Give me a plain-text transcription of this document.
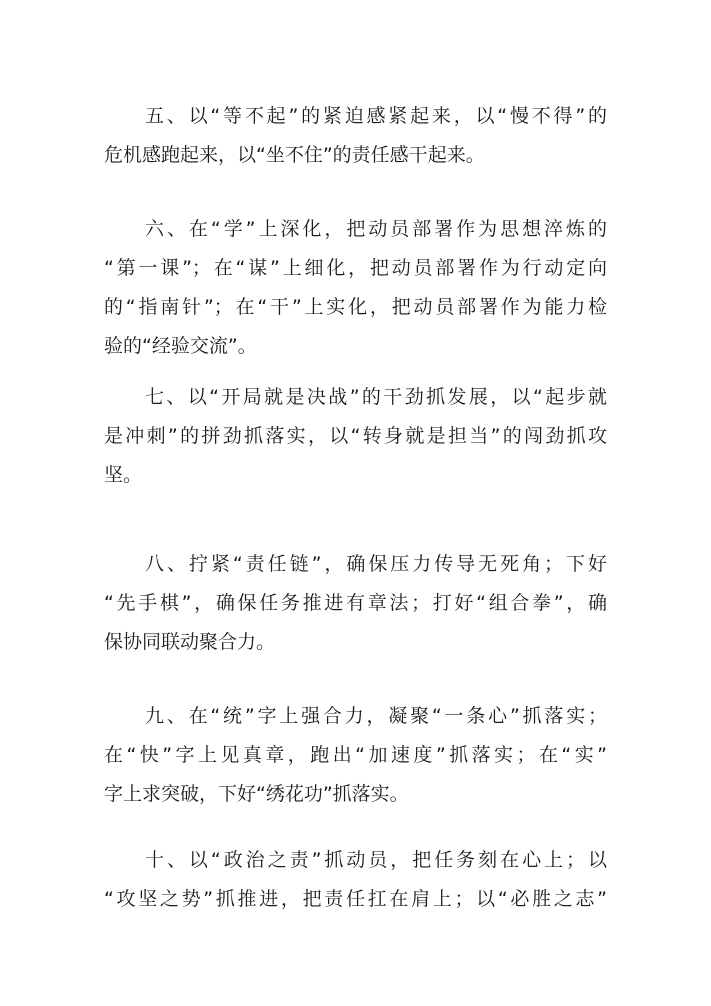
五、以“等不起”的紧迫感紧起来，以“慢不得”的
危机感跑起来，以“坐不住”的责任感干起来。
六、在“学”上深化，把动员部署作为思想淬炼的
“第一课”；在“谋”上细化，把动员部署作为行动定向
的“指南针”；在“干”上实化，把动员部署作为能力检
验的“经验交流”。
七、以“开局就是决战”的干劲抓发展，以“起步就
是冲刺”的拼劲抓落实，以“转身就是担当”的闯劲抓攻
坚。
八、拧紧“责任链”，确保压力传导无死角；下好
“先手棋”，确保任务推进有章法；打好“组合拳”，确
保协同联动聚合力。
九、在“统”字上强合力，凝聚“一条心”抓落实；
在“快”字上见真章，跑出“加速度”抓落实；在“实”
字上求突破，下好“绣花功”抓落实。
十、以“政治之责”抓动员，把任务刻在心上；以
“攻坚之势”抓推进，把责任扛在肩上；以“必胜之志”
